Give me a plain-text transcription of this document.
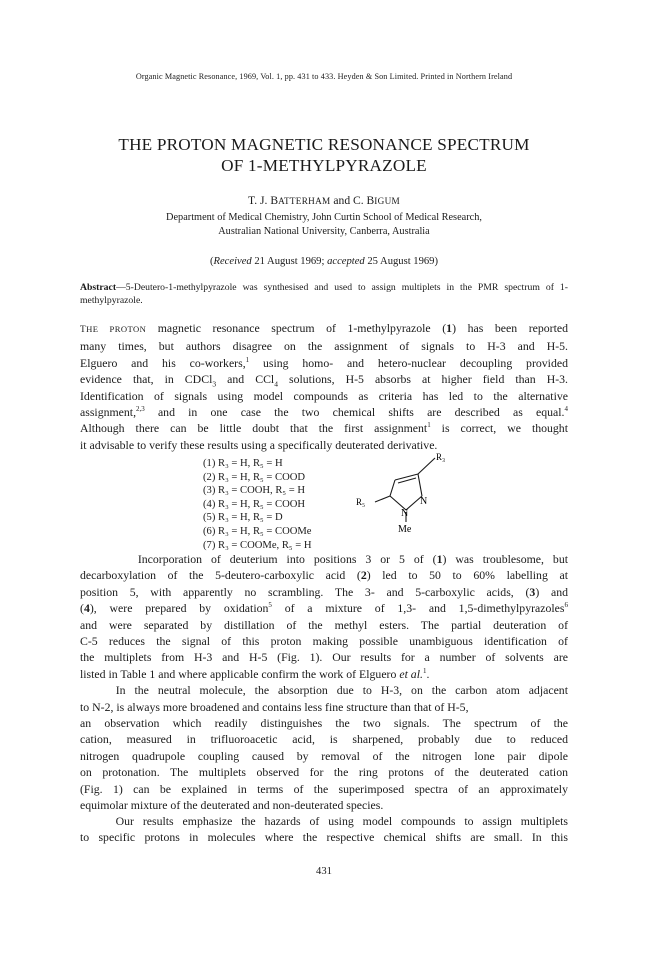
Organic Magnetic Resonance, 1969, Vol. 1, pp. 431 to 433. Heyden & Son Limited. Printed in Northern Ireland
THE PROTON MAGNETIC RESONANCE SPECTRUM
OF 1-METHYLPYRAZOLE
T. J. BATTERHAM and C. BIGUM
Department of Medical Chemistry, John Curtin School of Medical Research,
Australian National University, Canberra, Australia
(Received 21 August 1969; accepted 25 August 1969)
Abstract—5-Deutero-1-methylpyrazole was synthesised and used to assign multiplets in the PMR spectrum of 1-methylpyrazole.
THE PROTON magnetic resonance spectrum of 1-methylpyrazole (1) has been reported
many times, but authors disagree on the assignment of signals to H-3 and H-5.
Elguero and his co-workers,$^1$ using homo- and hetero-nuclear decoupling provided
evidence that, in CDCl$_3$ and CCl$_4$ solutions, H-5 absorbs at higher field than H-3.
Identification of signals using model compounds as criteria has led to the alternative
assignment,$^{2,3}$ and in one case the two chemical shifts are described as equal.$^4$
Although there can be little doubt that the first assignment$^1$ is correct, we thought
it advisable to verify these results using a specifically deuterated derivative.
(1) R₃ = H, R₅ = H
(2) R₃ = H, R₅ = COOD
(3) R₃ = COOH, R₅ = H
(4) R₃ = H, R₅ = COOH
(5) R₃ = H, R₅ = D
(6) R₃ = H, R₅ = COOMe
(7) R₃ = COOMe, R₅ = H
R₃
R₅	N
N
Me
Incorporation of deuterium into positions 3 or 5 of (1) was troublesome, but
decarboxylation of the 5-deutero-carboxylic acid (2) led to 50 to 60% labelling at
position 5, with apparently no scrambling. The 3- and 5-carboxylic acids, (3) and
(4), were prepared by oxidation$^5$ of a mixture of 1,3- and 1,5-dimethylpyrazoles$^6$
and were separated by distillation of the methyl esters. The partial deuteration of
C-5 reduces the signal of this proton making possible unambiguous identification of
the multiplets from H-3 and H-5 (Fig. 1). Our results for a number of solvents are
listed in Table 1 and where applicable confirm the work of Elguero et al.$^1$.
In the neutral molecule, the absorption due to H-3, on the carbon atom adjacent
to N-2, is always more broadened and contains less fine structure than that of H-5,
an observation which readily distinguishes the two signals. The spectrum of the
cation, measured in trifluoroacetic acid, is sharpened, probably due to reduced
nitrogen quadrupole coupling caused by removal of the nitrogen lone pair dipole
on protonation. The multiplets observed for the ring protons of the deuterated cation
(Fig. 1) can be explained in terms of the superimposed spectra of an approximately
equimolar mixture of the deuterated and non-deuterated species.
Our results emphasize the hazards of using model compounds to assign multiplets
to specific protons in molecules where the respective chemical shifts are small. In this
431
